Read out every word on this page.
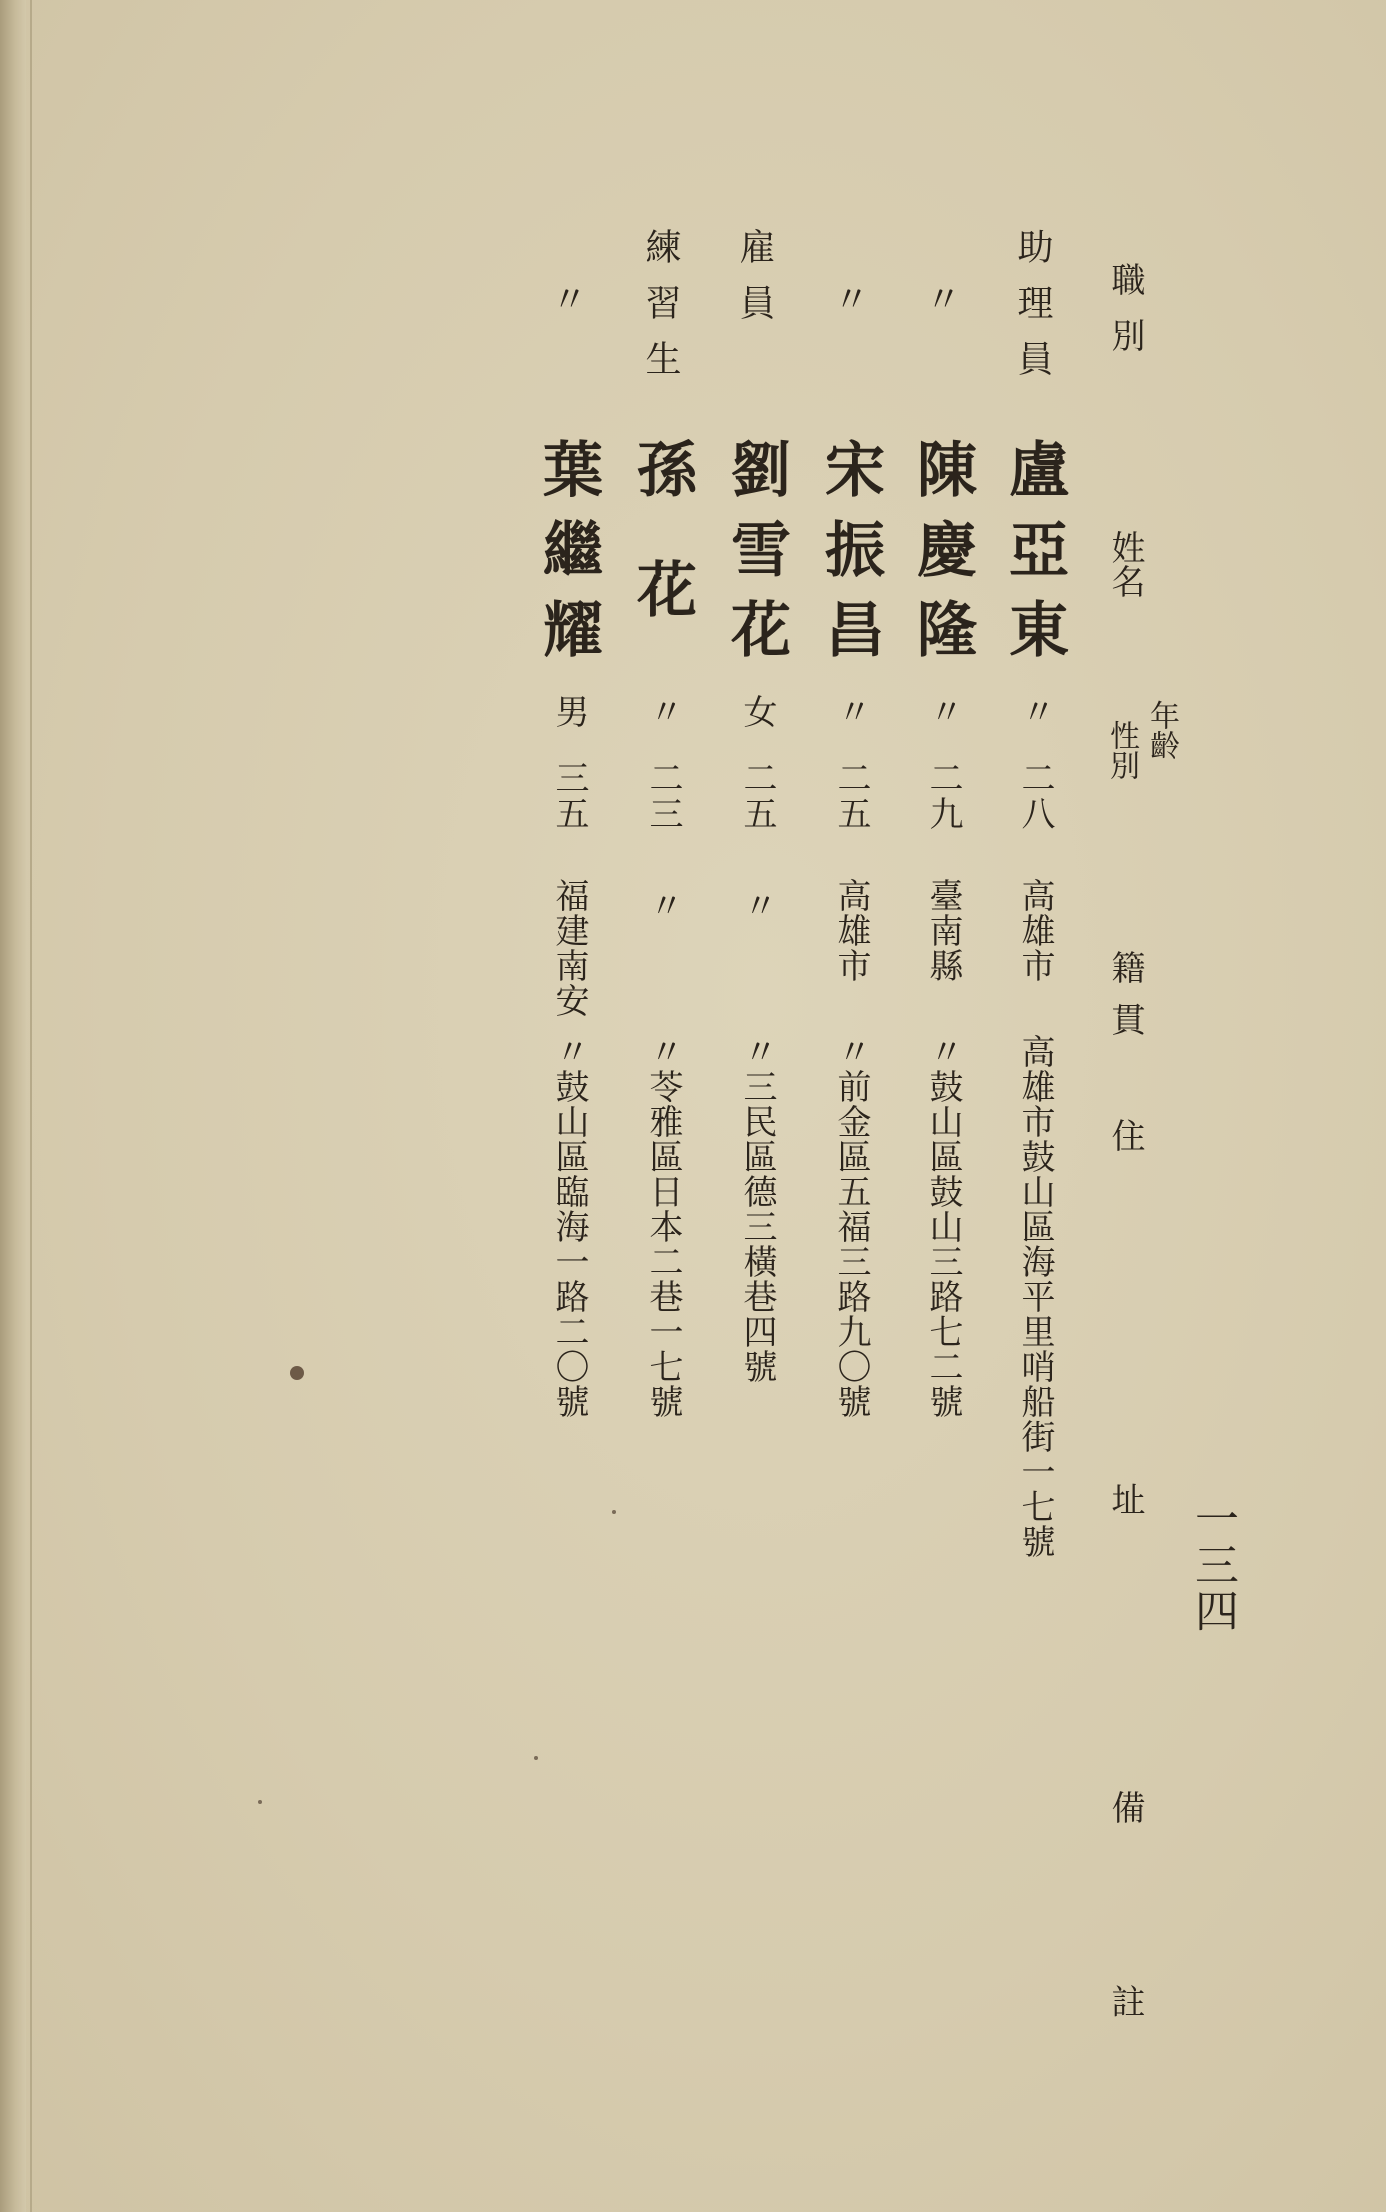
一三四
職別
姓名
年齡
性別
籍貫
住址
備註
助理員
盧亞東
〃
二八
高雄市
高雄市鼓山區海平里哨船街一七號
〃
陳慶隆
〃
二九
臺南縣
〃鼓山區鼓山三路七二號
〃
宋振昌
〃
二五
高雄市
〃前金區五福三路九〇號
雇員
劉雪花
女
二五
〃
〃三民區德三橫巷四號
練習生
孫花
〃
二三
〃
〃苓雅區日本二巷一七號
〃
葉繼耀
男
三五
福建南安
〃鼓山區臨海一路二〇號
